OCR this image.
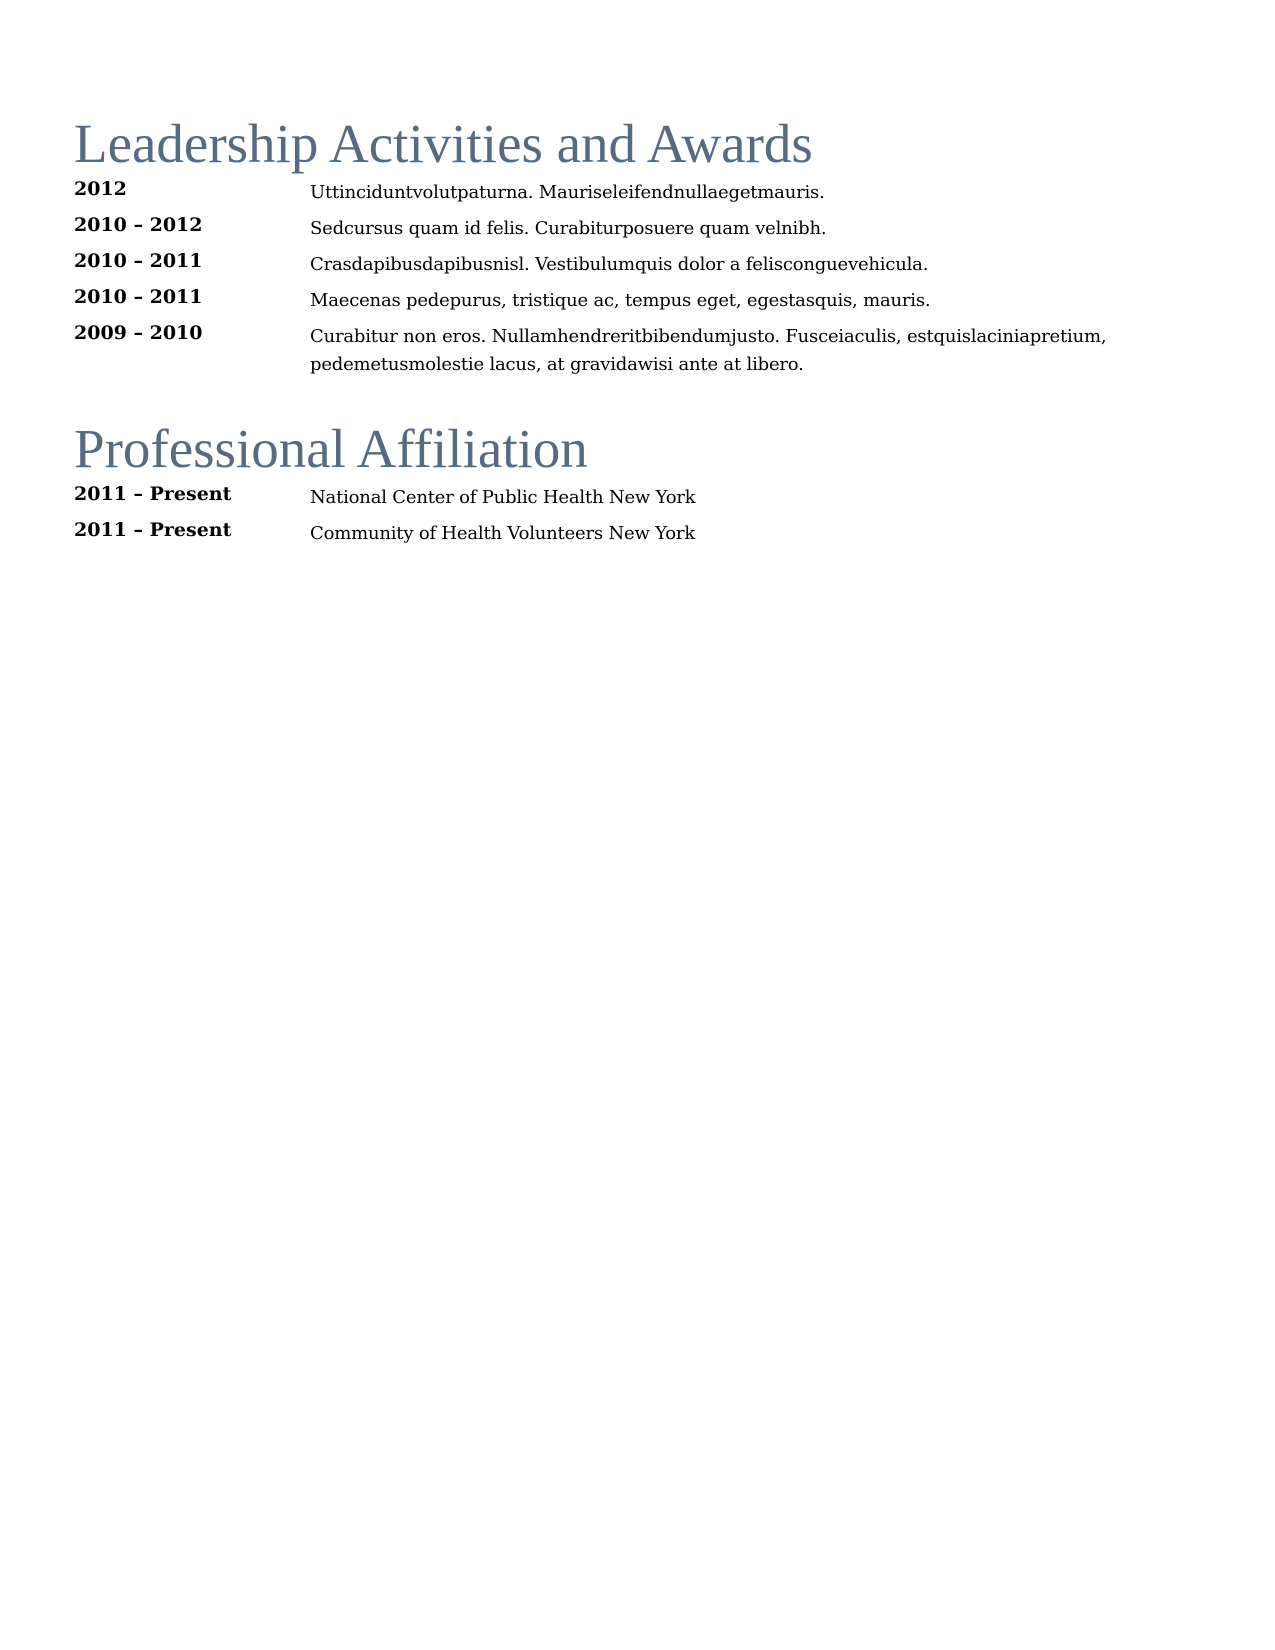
Leadership Activities and Awards
2012	Uttinciduntvolutpaturna. Mauriseleifendnullaegetmauris.
2010 – 2012	Sedcursus quam id felis. Curabiturposuere quam velnibh.
2010 – 2011	Crasdapibusdapibusnisl. Vestibulumquis dolor a felisconguevehicula.
2010 – 2011	Maecenas pedepurus, tristique ac, tempus eget, egestasquis, mauris.
2009 – 2010	Curabitur non eros. Nullamhendreritbibendumjusto. Fusceiaculis, estquislaciniapretium, pedemetusmolestie lacus, at gravidawisi ante at libero.
Professional Affiliation
2011 – Present	National Center of Public Health New York
2011 – Present	Community of Health Volunteers New York
